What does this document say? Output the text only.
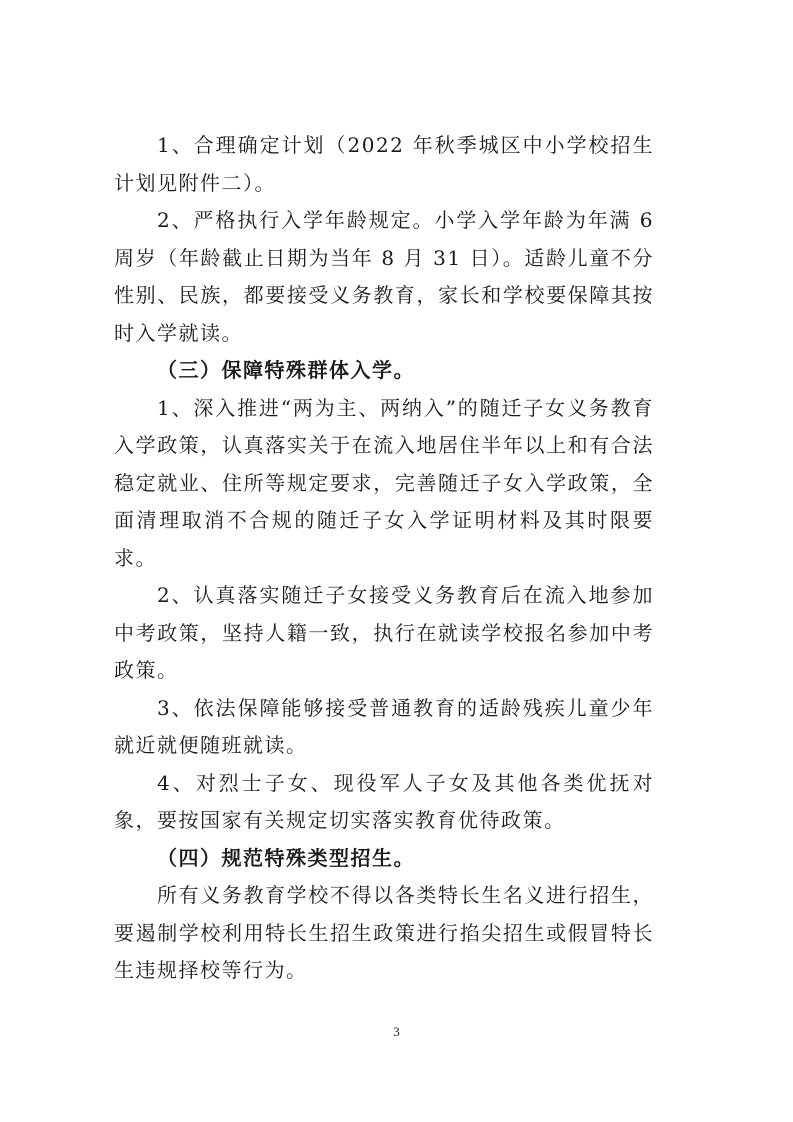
1、合理确定计划（2022 年秋季城区中小学校招生计划见附件二）。

2、严格执行入学年龄规定。小学入学年龄为年满 6 周岁（年龄截止日期为当年 8 月 31 日）。适龄儿童不分性别、民族，都要接受义务教育，家长和学校要保障其按时入学就读。

（三）保障特殊群体入学。

1、深入推进“两为主、两纳入”的随迁子女义务教育入学政策，认真落实关于在流入地居住半年以上和有合法稳定就业、住所等规定要求，完善随迁子女入学政策，全面清理取消不合规的随迁子女入学证明材料及其时限要求。

2、认真落实随迁子女接受义务教育后在流入地参加中考政策，坚持人籍一致，执行在就读学校报名参加中考政策。

3、依法保障能够接受普通教育的适龄残疾儿童少年就近就便随班就读。

4、对烈士子女、现役军人子女及其他各类优抚对象，要按国家有关规定切实落实教育优待政策。

（四）规范特殊类型招生。

所有义务教育学校不得以各类特长生名义进行招生，要遏制学校利用特长生招生政策进行掐尖招生或假冒特长生违规择校等行为。

3
